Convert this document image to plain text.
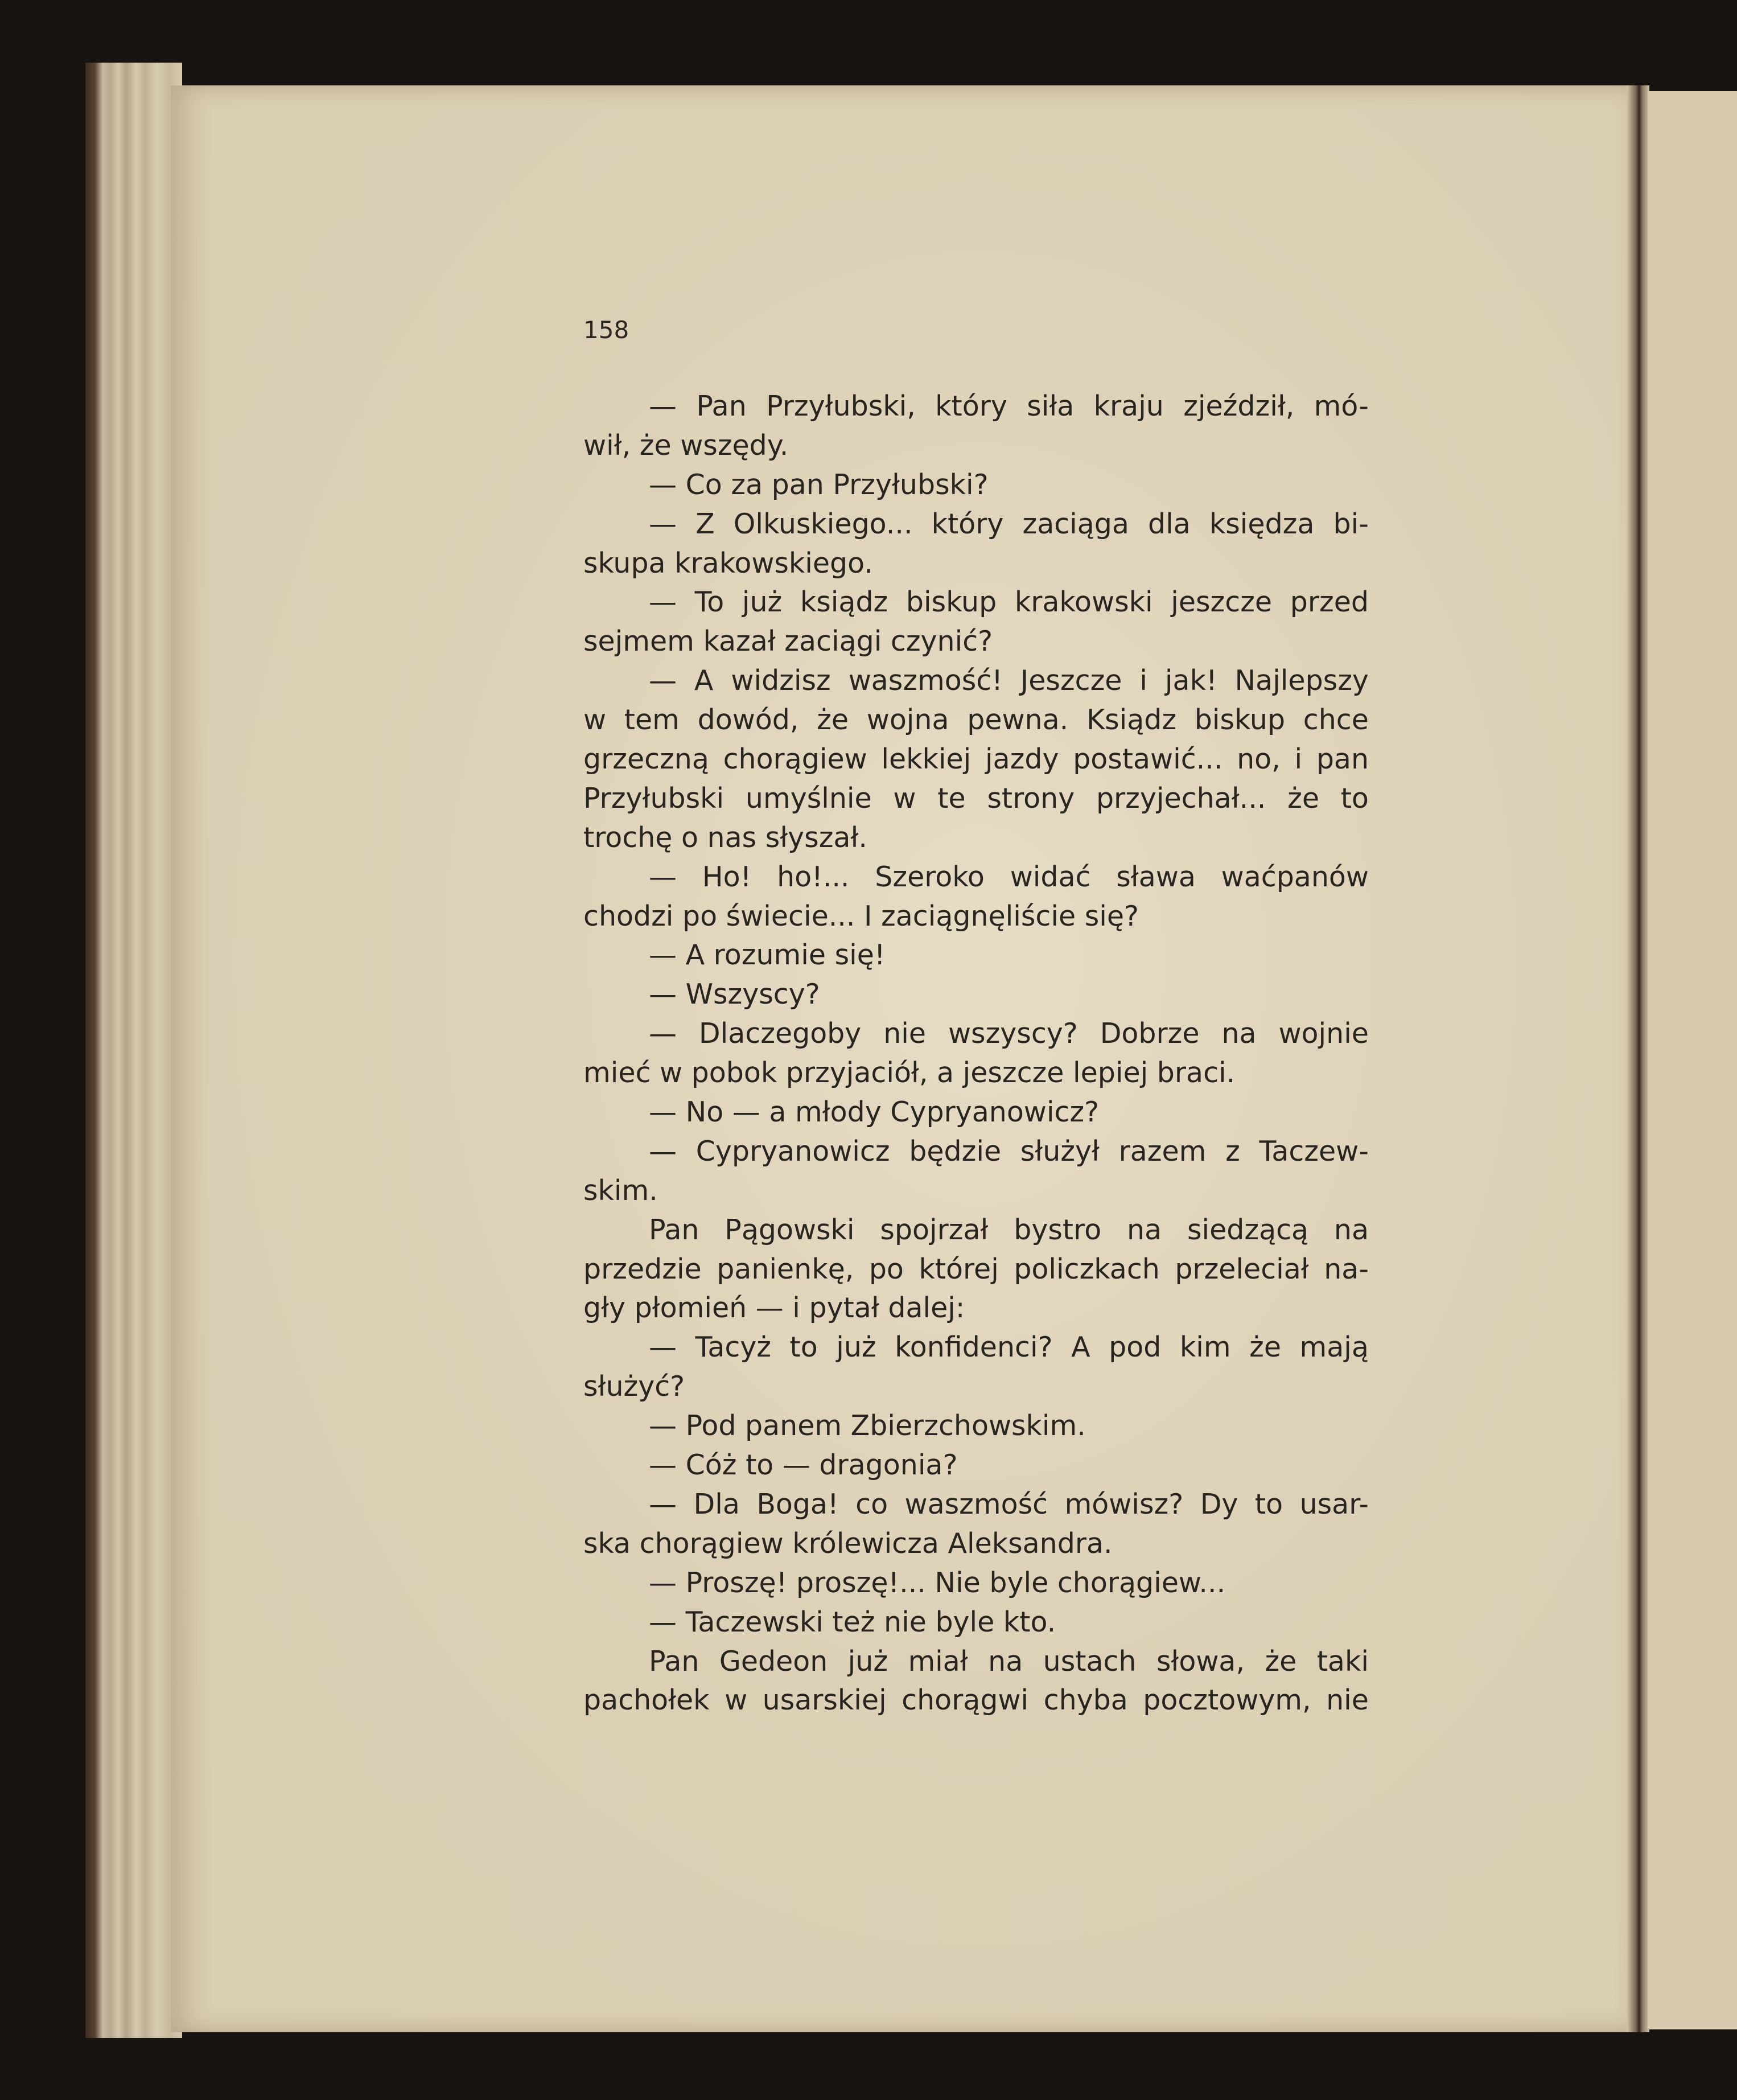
158
— Pan Przyłubski, który siła kraju zjeździł, mó-
wił, że wszędy.
— Co za pan Przyłubski?
— Z Olkuskiego... który zaciąga dla księdza bi-
skupa krakowskiego.
— To już ksiądz biskup krakowski jeszcze przed
sejmem kazał zaciągi czynić?
— A widzisz waszmość! Jeszcze i jak! Najlepszy
w tem dowód, że wojna pewna. Ksiądz biskup chce
grzeczną chorągiew lekkiej jazdy postawić... no, i pan
Przyłubski umyślnie w te strony przyjechał... że to
trochę o nas słyszał.
— Ho! ho!... Szeroko widać sława waćpanów
chodzi po świecie... I zaciągnęliście się?
— A rozumie się!
— Wszyscy?
— Dlaczegoby nie wszyscy? Dobrze na wojnie
mieć w pobok przyjaciół, a jeszcze lepiej braci.
— No — a młody Cypryanowicz?
— Cypryanowicz będzie służył razem z Taczew-
skim.
Pan Pągowski spojrzał bystro na siedzącą na
przedzie panienkę, po której policzkach przeleciał na-
gły płomień — i pytał dalej:
— Tacyż to już konfidenci? A pod kim że mają
służyć?
— Pod panem Zbierzchowskim.
— Cóż to — dragonia?
— Dla Boga! co waszmość mówisz? Dy to usar-
ska chorągiew królewicza Aleksandra.
— Proszę! proszę!... Nie byle chorągiew...
— Taczewski też nie byle kto.
Pan Gedeon już miał na ustach słowa, że taki
pachołek w usarskiej chorągwi chyba pocztowym, nie
